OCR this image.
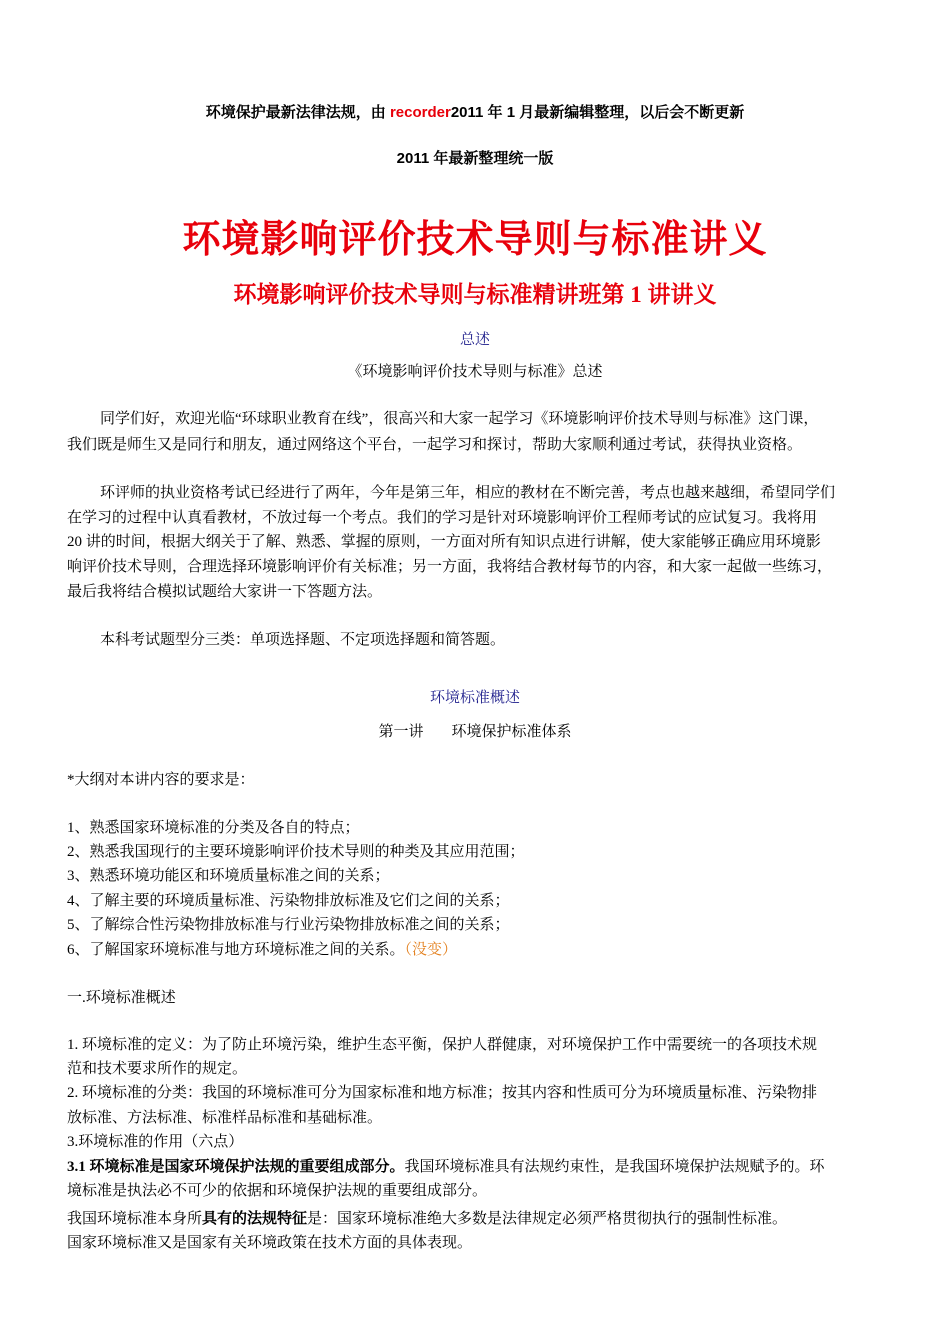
环境保护最新法律法规，由 recorder2011 年 1 月最新编辑整理，以后会不断更新
2011 年最新整理统一版
环境影响评价技术导则与标准讲义
环境影响评价技术导则与标准精讲班第 1 讲讲义
总述
《环境影响评价技术导则与标准》总述
同学们好，欢迎光临“环球职业教育在线”，很高兴和大家一起学习《环境影响评价技术导则与标准》这门课，
我们既是师生又是同行和朋友，通过网络这个平台，一起学习和探讨，帮助大家顺利通过考试，获得执业资格。
环评师的执业资格考试已经进行了两年，今年是第三年，相应的教材在不断完善，考点也越来越细，希望同学们
在学习的过程中认真看教材，不放过每一个考点。我们的学习是针对环境影响评价工程师考试的应试复习。我将用
20 讲的时间，根据大纲关于了解、熟悉、掌握的原则，一方面对所有知识点进行讲解，使大家能够正确应用环境影
响评价技术导则，合理选择环境影响评价有关标准；另一方面，我将结合教材每节的内容，和大家一起做一些练习，
最后我将结合模拟试题给大家讲一下答题方法。
本科考试题型分三类：单项选择题、不定项选择题和简答题。
环境标准概述
第一讲 环境保护标准体系
*大纲对本讲内容的要求是：
1、熟悉国家环境标准的分类及各自的特点；
2、熟悉我国现行的主要环境影响评价技术导则的种类及其应用范围；
3、熟悉环境功能区和环境质量标准之间的关系；
4、了解主要的环境质量标准、污染物排放标准及它们之间的关系；
5、了解综合性污染物排放标准与行业污染物排放标准之间的关系；
6、了解国家环境标准与地方环境标准之间的关系。（没变）
一.环境标准概述
1. 环境标准的定义：为了防止环境污染，维护生态平衡，保护人群健康，对环境保护工作中需要统一的各项技术规
范和技术要求所作的规定。
2. 环境标准的分类：我国的环境标准可分为国家标准和地方标准；按其内容和性质可分为环境质量标准、污染物排
放标准、方法标准、标准样品标准和基础标准。
3.环境标准的作用（六点）
3.1 环境标准是国家环境保护法规的重要组成部分。我国环境标准具有法规约束性，是我国环境保护法规赋予的。环
境标准是执法必不可少的依据和环境保护法规的重要组成部分。
我国环境标准本身所具有的法规特征是：国家环境标准绝大多数是法律规定必须严格贯彻执行的强制性标准。
国家环境标准又是国家有关环境政策在技术方面的具体表现。
